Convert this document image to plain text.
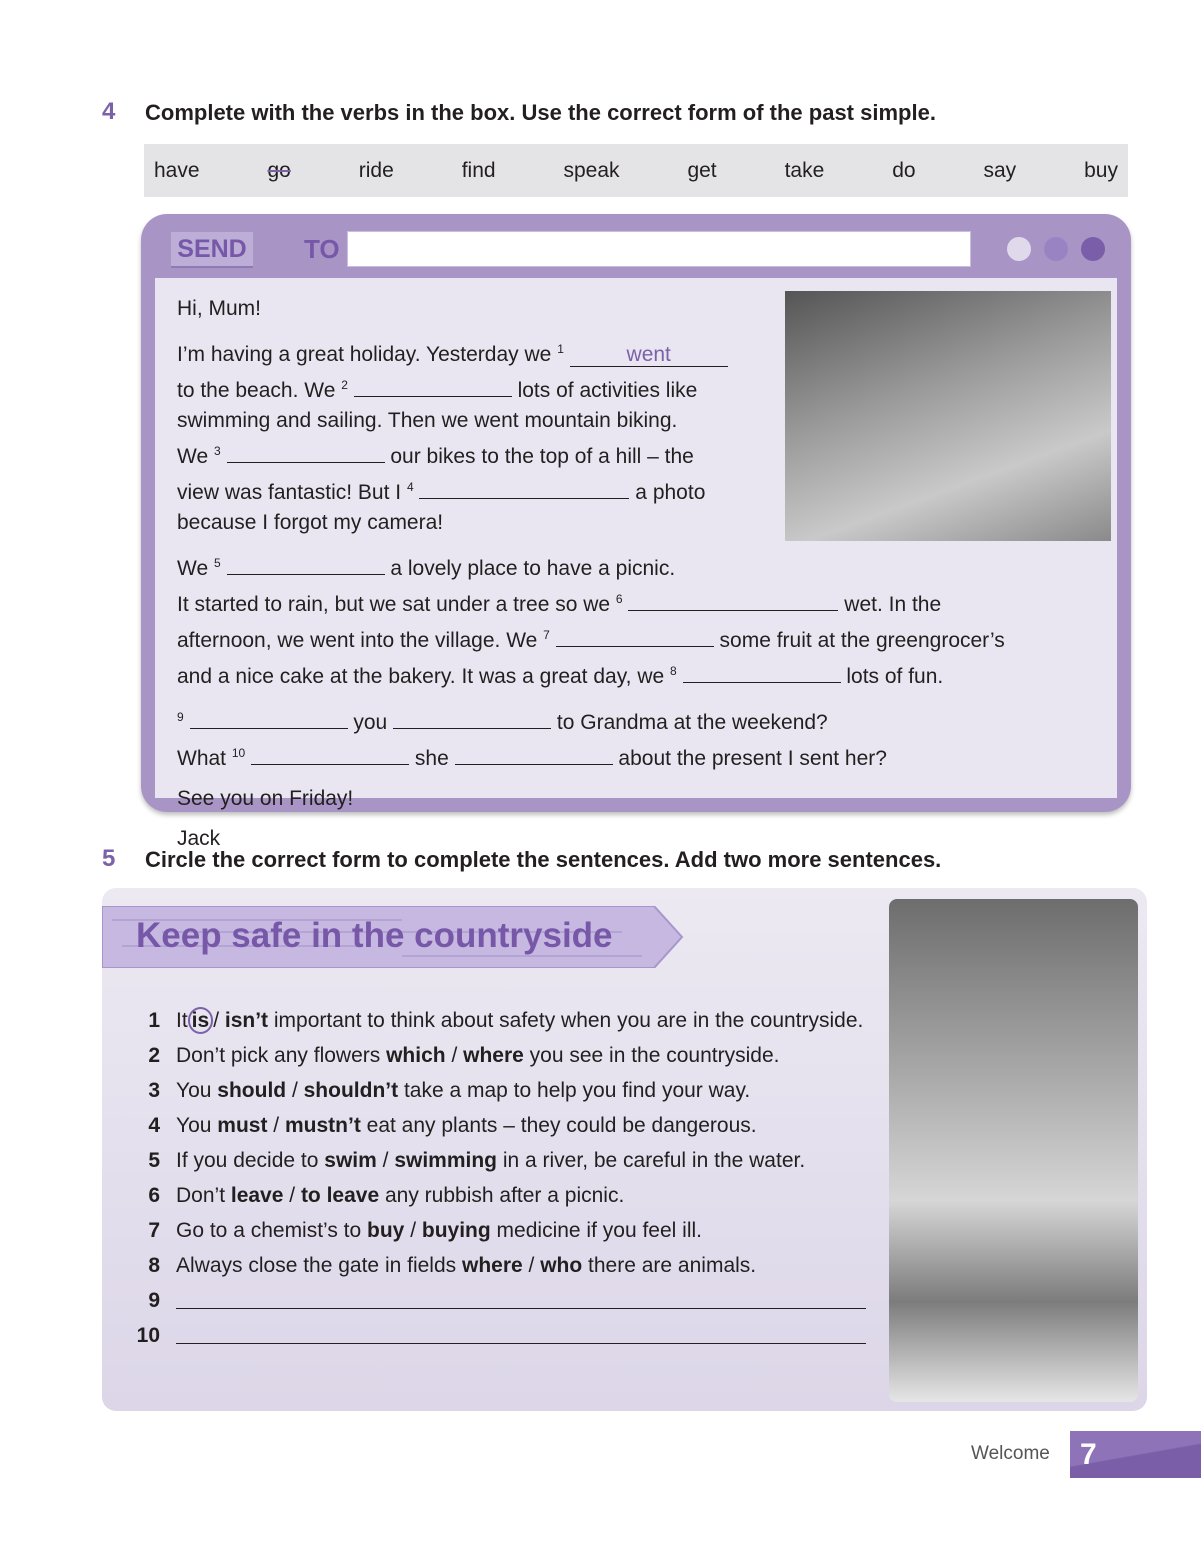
4 Complete with the verbs in the box. Use the correct form of the past simple.
have	go	ride	find	speak	get	take	do	say	buy
SEND TO
Hi, Mum!
I’m having a great holiday. Yesterday we $^1$	went
to the beach. We $^2$	lots of activities like
swimming and sailing. Then we went mountain biking.
We $^3$	our bikes to the top of a hill – the
view was fantastic! But I $^4$	a photo
because I forgot my camera!
We $^5$	a lovely place to have a picnic.
It started to rain, but we sat under a tree so we $^6$	wet. In the
afternoon, we went into the village. We $^7$	some fruit at the greengrocer’s
and a nice cake at the bakery. It was a great day, we $^8$	lots of fun.
$^9$	you	to Grandma at the weekend?
What $^{10}$	she	about the present I sent her?
See you on Friday!
Jack
5 Circle the correct form to complete the sentences. Add two more sentences.
Keep safe in the countryside
1 It is / isn’t important to think about safety when you are in the countryside.
2 Don’t pick any flowers which / where you see in the countryside.
3 You should / shouldn’t take a map to help you find your way.
4 You must / mustn’t eat any plants – they could be dangerous.
5 If you decide to swim / swimming in a river, be careful in the water.
6 Don’t leave / to leave any rubbish after a picnic.
7 Go to a chemist’s to buy / buying medicine if you feel ill.
8 Always close the gate in fields where / who there are animals.
9
10
Welcome	7
